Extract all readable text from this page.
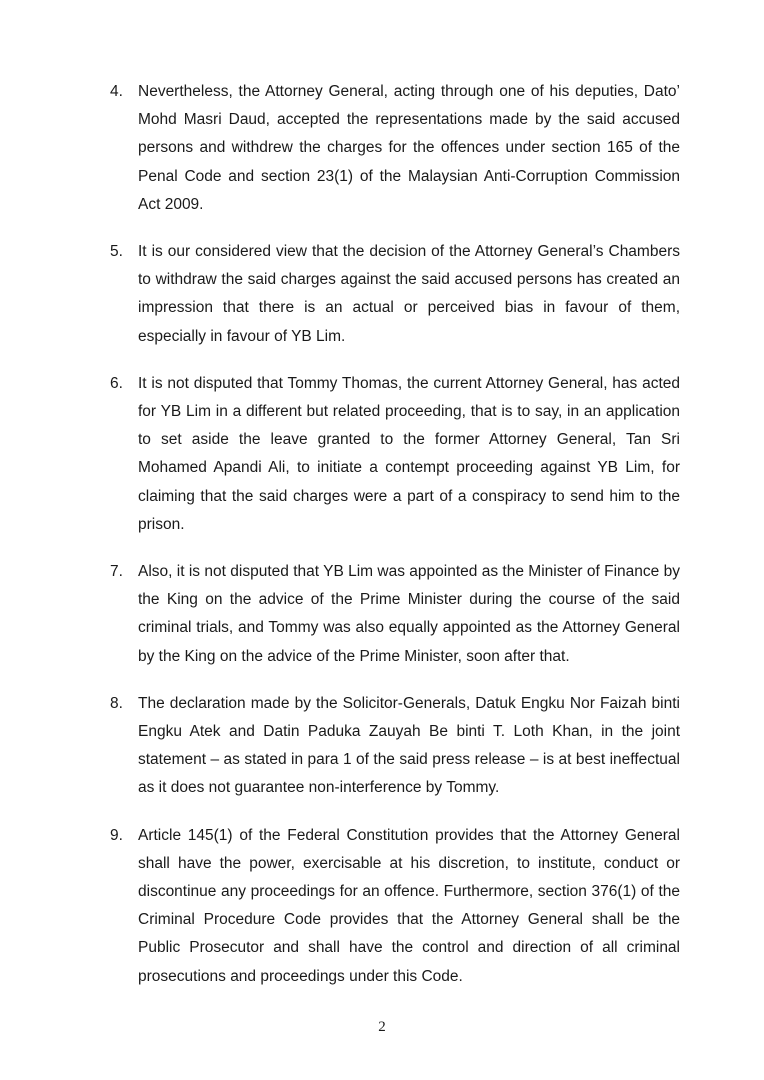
4. Nevertheless, the Attorney General, acting through one of his deputies, Dato’ Mohd Masri Daud, accepted the representations made by the said accused persons and withdrew the charges for the offences under section 165 of the Penal Code and section 23(1) of the Malaysian Anti-Corruption Commission Act 2009.
5. It is our considered view that the decision of the Attorney General’s Chambers to withdraw the said charges against the said accused persons has created an impression that there is an actual or perceived bias in favour of them, especially in favour of YB Lim.
6. It is not disputed that Tommy Thomas, the current Attorney General, has acted for YB Lim in a different but related proceeding, that is to say, in an application to set aside the leave granted to the former Attorney General, Tan Sri Mohamed Apandi Ali, to initiate a contempt proceeding against YB Lim, for claiming that the said charges were a part of a conspiracy to send him to the prison.
7. Also, it is not disputed that YB Lim was appointed as the Minister of Finance by the King on the advice of the Prime Minister during the course of the said criminal trials, and Tommy was also equally appointed as the Attorney General by the King on the advice of the Prime Minister, soon after that.
8. The declaration made by the Solicitor-Generals, Datuk Engku Nor Faizah binti Engku Atek and Datin Paduka Zauyah Be binti T. Loth Khan, in the joint statement – as stated in para 1 of the said press release – is at best ineffectual as it does not guarantee non-interference by Tommy.
9. Article 145(1) of the Federal Constitution provides that the Attorney General shall have the power, exercisable at his discretion, to institute, conduct or discontinue any proceedings for an offence. Furthermore, section 376(1) of the Criminal Procedure Code provides that the Attorney General shall be the Public Prosecutor and shall have the control and direction of all criminal prosecutions and proceedings under this Code.
2
